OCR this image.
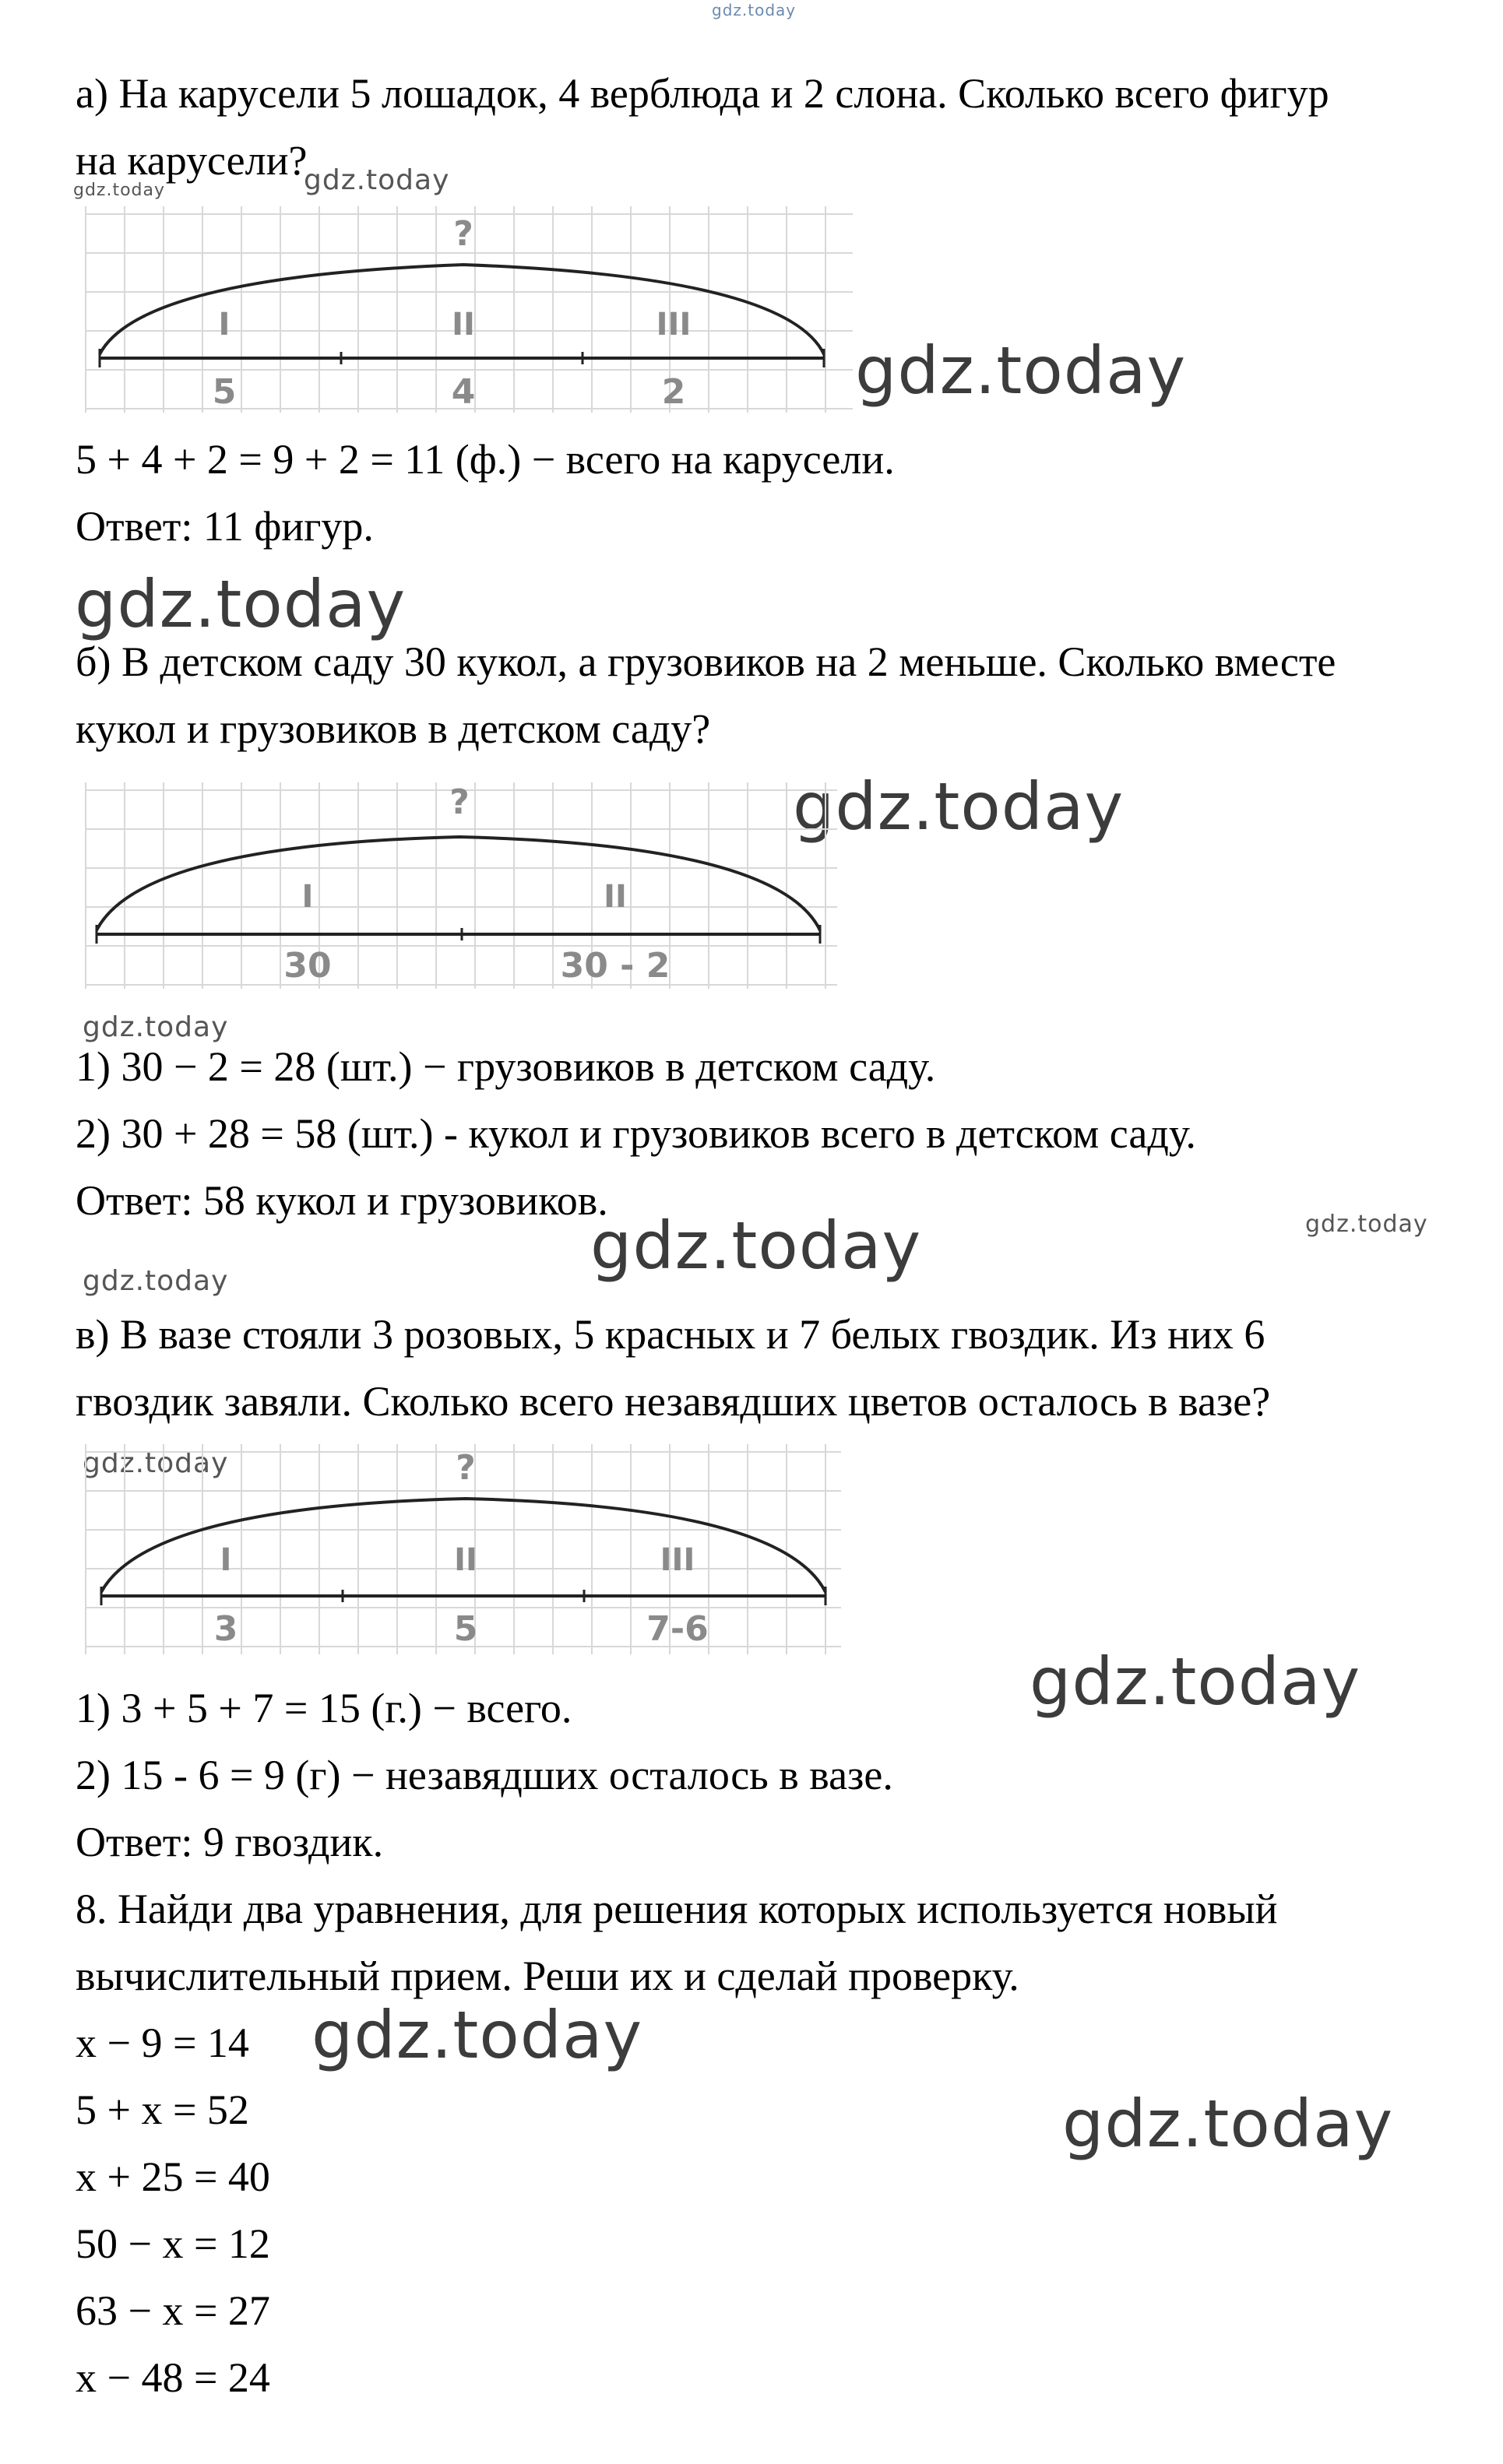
gdz.today

а) На карусели 5 лошадок, 4 верблюда и 2 слона. Сколько всего фигур

на карусели?

gdz.today	gdz.today
?
I	II	III
5	4	2	gdz.today

5 + 4 + 2 = 9 + 2 = 11 (ф.) − всего на карусели.

Ответ: 11 фигур.

gdz.today

б) В детском саду 30 кукол, а грузовиков на 2 меньше. Сколько вместе

кукол и грузовиков в детском саду?

gdz.today
?
I	II
30	30 - 2
gdz.today

1) 30 − 2 = 28 (шт.) − грузовиков в детском саду.

2) 30 + 28 = 58 (шт.) - кукол и грузовиков всего в детском саду.

Ответ: 58 кукол и грузовиков.

gdz.today
gdz.today
gdz.today

в) В вазе стояли 3 розовых, 5 красных и 7 белых гвоздик. Из них 6

гвоздик завяли. Сколько всего незавядших цветов осталось в вазе?

gdz.today	?
I	II	III
3	5	7-6
gdz.today

1) 3 + 5 + 7 = 15 (г.) − всего.

2) 15 - 6 = 9 (г) − незавядших осталось в вазе.

Ответ: 9 гвоздик.

8. Найди два уравнения, для решения которых используется новый

вычислительный прием. Реши их и сделай проверку.

x − 9 = 14 gdz.today

5 + x = 52	gdz.today

x + 25 = 40

50 − x = 12

63 − x = 27

x − 48 = 24
